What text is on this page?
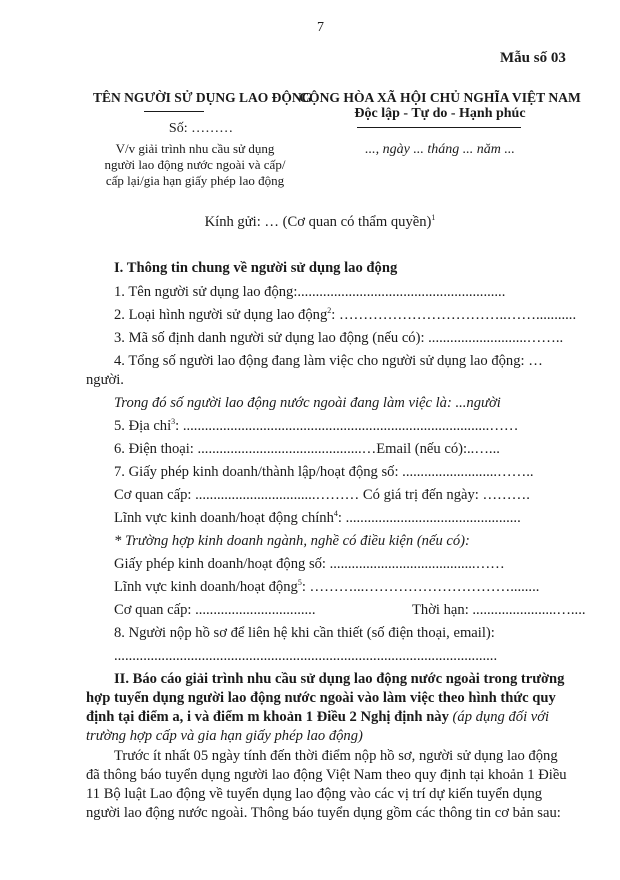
7
Mẫu số 03
TÊN NGƯỜI SỬ DỤNG LAO ĐỘNG
Số: ………
V/v giải trình nhu cầu sử dụng
người lao động nước ngoài và cấp/
cấp lại/gia hạn giấy phép lao động
CỘNG HÒA XÃ HỘI CHỦ NGHĨA VIỆT NAM
Độc lập - Tự do - Hạnh phúc
..., ngày ... tháng ... năm ...
Kính gửi: … (Cơ quan có thẩm quyền)$^1$
I. Thông tin chung về người sử dụng lao động
1. Tên người sử dụng lao động:.........................................................
2. Loại hình người sử dụng lao động$^2$: ……………………………..……...........
3. Mã số định danh người sử dụng lao động (nếu có): ...........................……..
4. Tổng số người lao động đang làm việc cho người sử dụng lao động: …
người.
Trong đó số người lao động nước ngoài đang làm việc là: ...người
5. Địa chỉ$^3$: ....................................................................................……
6. Điện thoại: .............................................…Email (nếu có):..…...
7. Giấy phép kinh doanh/thành lập/hoạt động số: ..........................……..
Cơ quan cấp: .................................……… Có giá trị đến ngày: ……….
Lĩnh vực kinh doanh/hoạt động chính$^4$: ................................................
* Trường hợp kinh doanh ngành, nghề có điều kiện (nếu có):
Giấy phép kinh doanh/hoạt động số: ........................................……
Lĩnh vực kinh doanh/hoạt động$^5$: ………...…………………………........
Cơ quan cấp: .................................	Thời hạn: .......................…....
8. Người nộp hồ sơ để liên hệ khi cần thiết (số điện thoại, email):
.........................................................................................................
II. Báo cáo giải trình nhu cầu sử dụng lao động nước ngoài trong trường
hợp tuyển dụng người lao động nước ngoài vào làm việc theo hình thức quy
định tại điểm a, i và điểm m khoản 1 Điều 2 Nghị định này (áp dụng đối với
trường hợp cấp và gia hạn giấy phép lao động)
Trước ít nhất 05 ngày tính đến thời điểm nộp hồ sơ, người sử dụng lao động
đã thông báo tuyển dụng người lao động Việt Nam theo quy định tại khoản 1 Điều
11 Bộ luật Lao động về tuyển dụng lao động vào các vị trí dự kiến tuyển dụng
người lao động nước ngoài. Thông báo tuyển dụng gồm các thông tin cơ bản sau:
